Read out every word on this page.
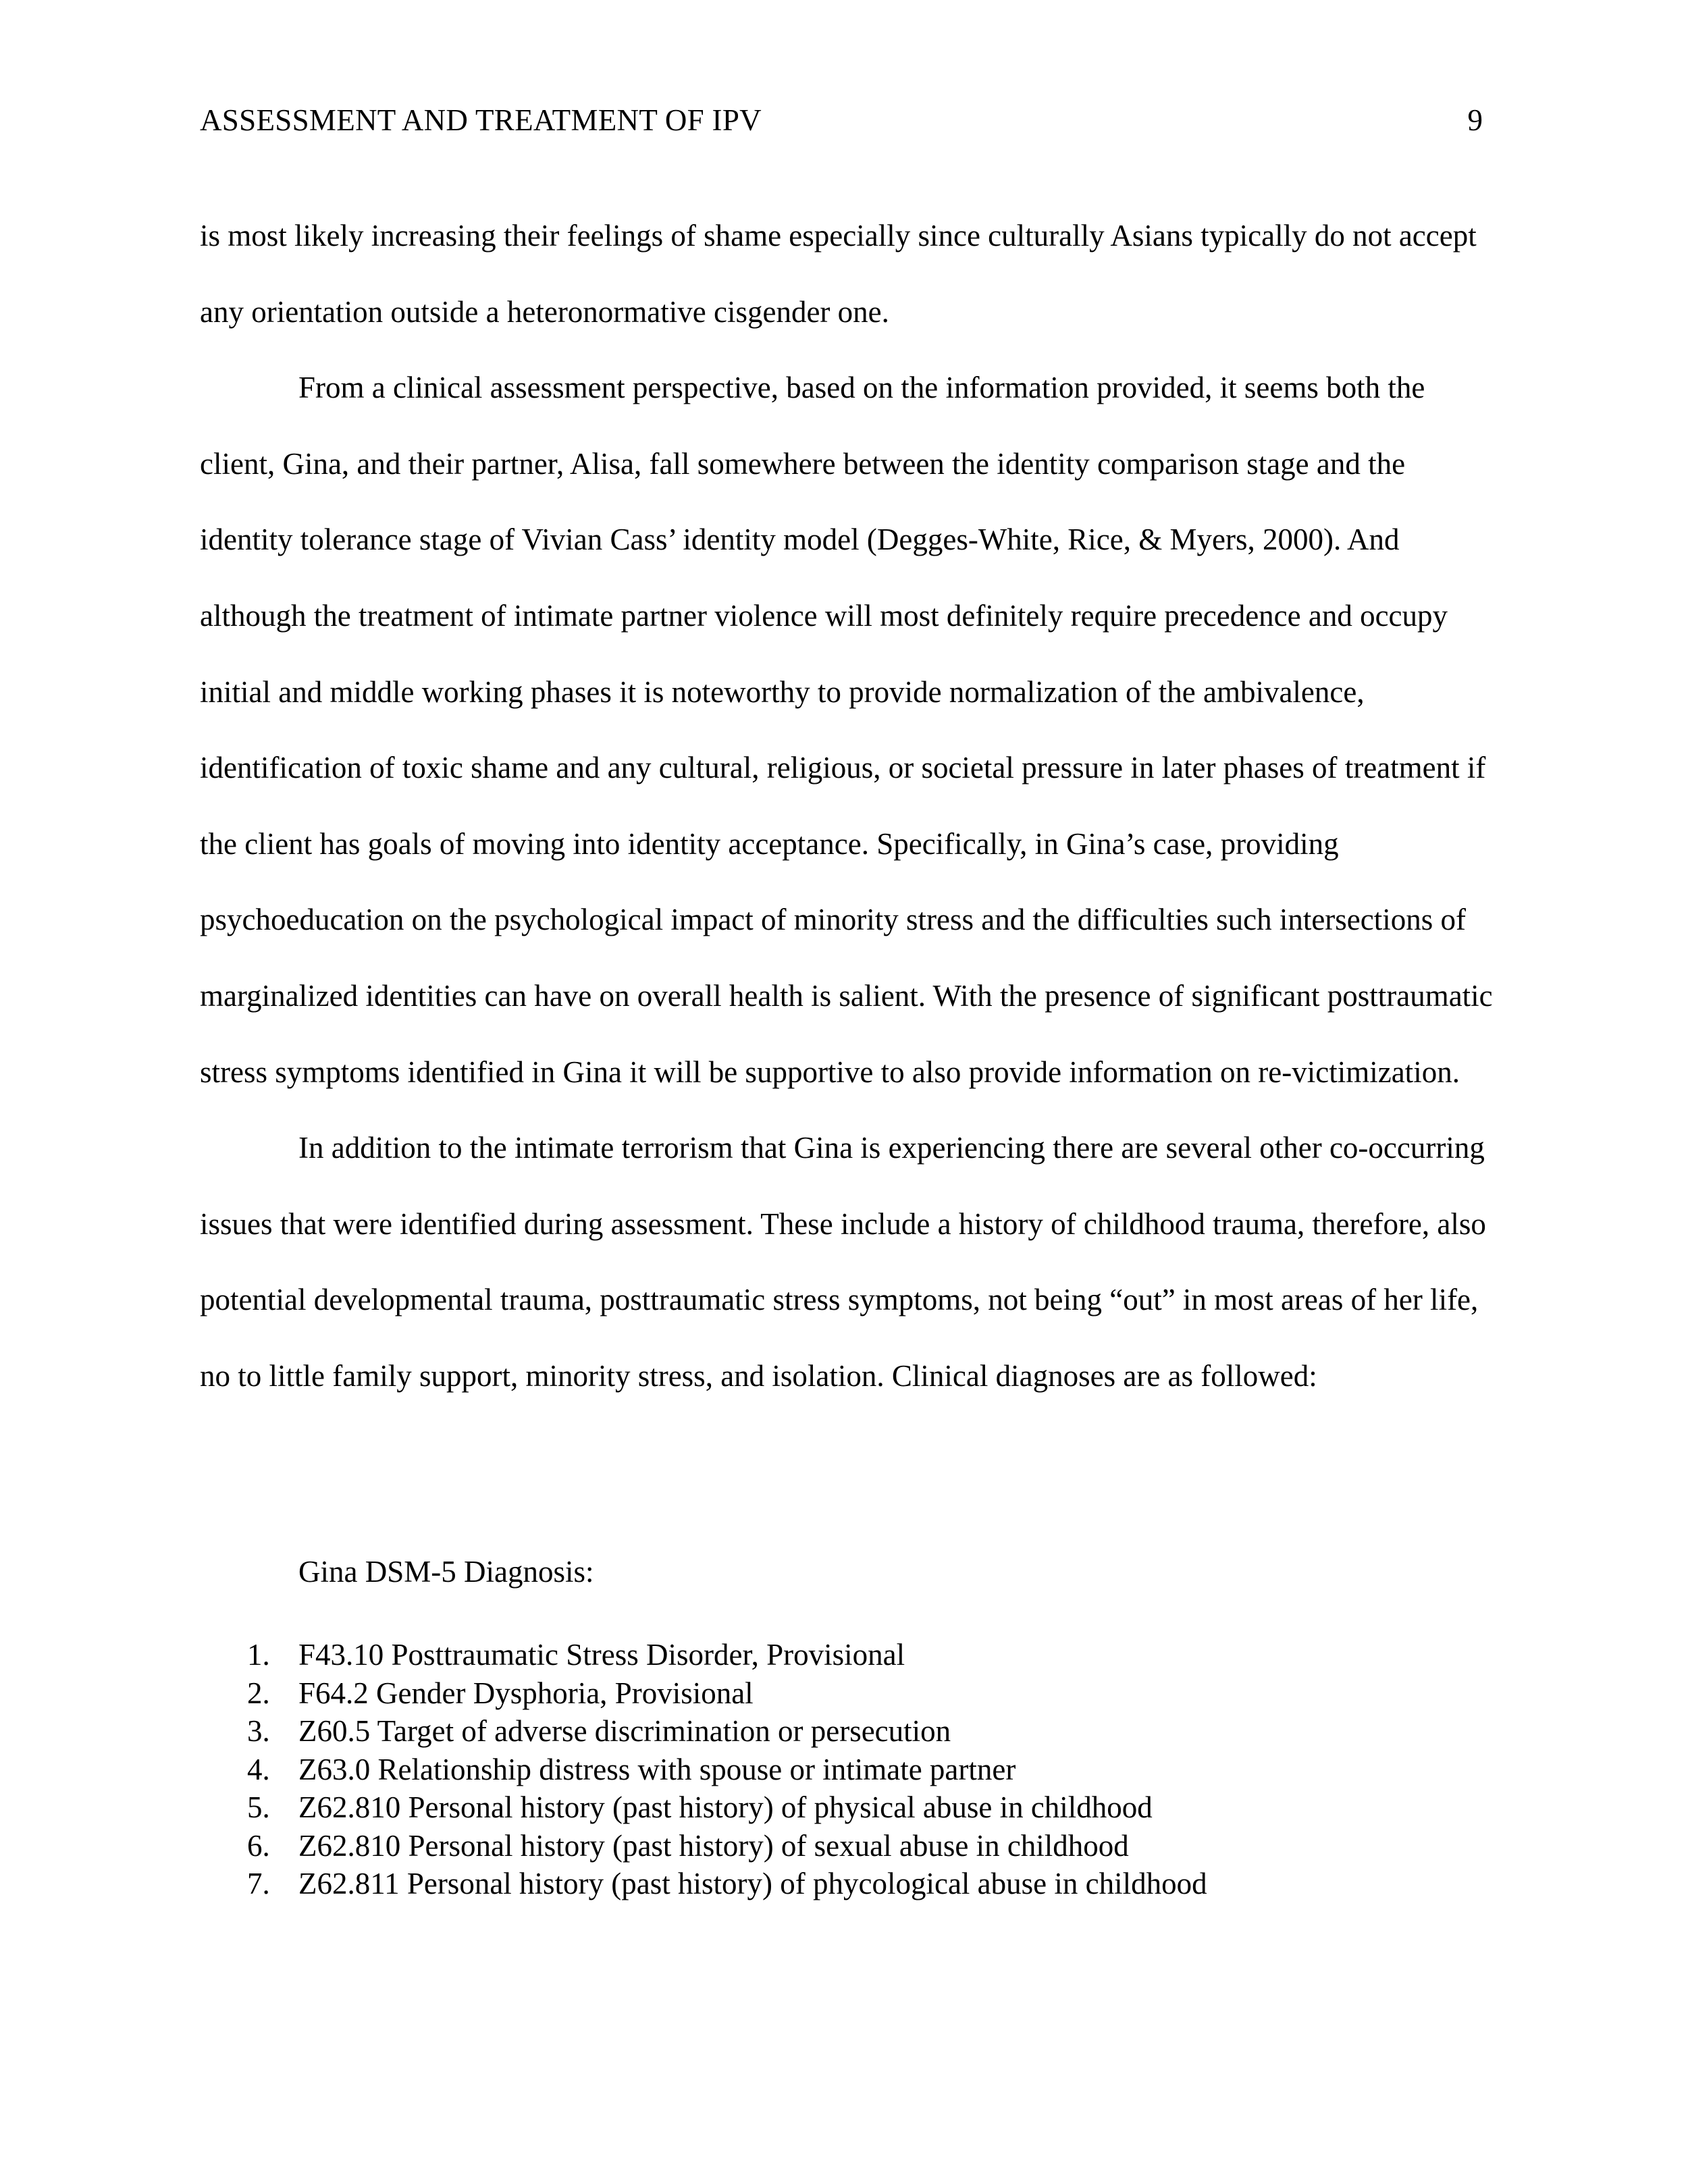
ASSESSMENT AND TREATMENT OF IPV	9

is most likely increasing their feelings of shame especially since culturally Asians typically do not accept any orientation outside a heteronormative cisgender one.

From a clinical assessment perspective, based on the information provided, it seems both the client, Gina, and their partner, Alisa, fall somewhere between the identity comparison stage and the identity tolerance stage of Vivian Cass’ identity model (Degges-White, Rice, & Myers, 2000). And although the treatment of intimate partner violence will most definitely require precedence and occupy initial and middle working phases it is noteworthy to provide normalization of the ambivalence, identification of toxic shame and any cultural, religious, or societal pressure in later phases of treatment if the client has goals of moving into identity acceptance. Specifically, in Gina’s case, providing psychoeducation on the psychological impact of minority stress and the difficulties such intersections of marginalized identities can have on overall health is salient. With the presence of significant posttraumatic stress symptoms identified in Gina it will be supportive to also provide information on re-victimization.

In addition to the intimate terrorism that Gina is experiencing there are several other co-occurring issues that were identified during assessment. These include a history of childhood trauma, therefore, also potential developmental trauma, posttraumatic stress symptoms, not being “out” in most areas of her life, no to little family support, minority stress, and isolation. Clinical diagnoses are as followed:

Gina DSM-5 Diagnosis:
1. F43.10 Posttraumatic Stress Disorder, Provisional
2. F64.2 Gender Dysphoria, Provisional
3. Z60.5 Target of adverse discrimination or persecution
4. Z63.0 Relationship distress with spouse or intimate partner
5. Z62.810 Personal history (past history) of physical abuse in childhood
6. Z62.810 Personal history (past history) of sexual abuse in childhood
7. Z62.811 Personal history (past history) of phycological abuse in childhood
